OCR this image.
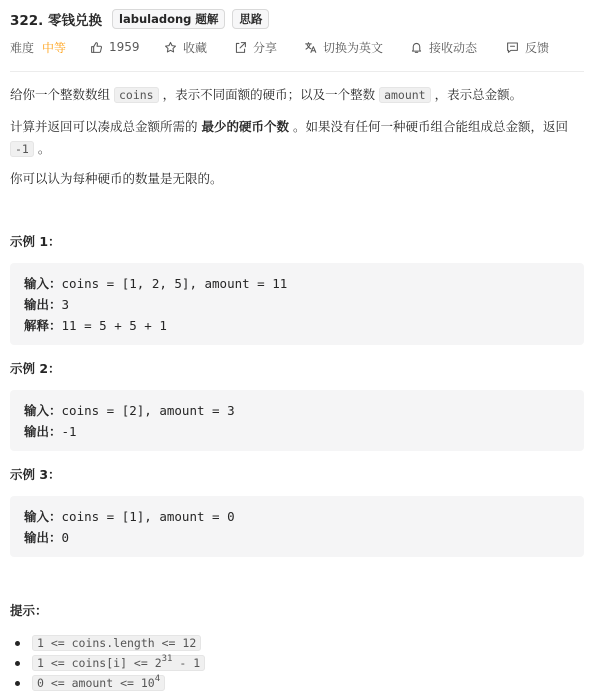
322. 零钱兑换	labuladong 题解	思路
难度 中等	1959	收藏	分享	切换为英文	接收动态	反馈
给你一个整数数组 coins ，表示不同面额的硬币；以及一个整数 amount ，表示总金额。
计算并返回可以凑成总金额所需的 最少的硬币个数 。如果没有任何一种硬币组合能组成总金额，返回 -1 。
你可以认为每种硬币的数量是无限的。
示例 1：
输入：coins = [1, 2, 5], amount = 11
输出：3
解释：11 = 5 + 5 + 1
示例 2：
输入：coins = [2], amount = 3
输出：-1
示例 3：
输入：coins = [1], amount = 0
输出：0
提示：
1 <= coins.length <= 12
1 <= coins[i] <= $2^{31} - 1$
0 <= amount <= $10^4$
